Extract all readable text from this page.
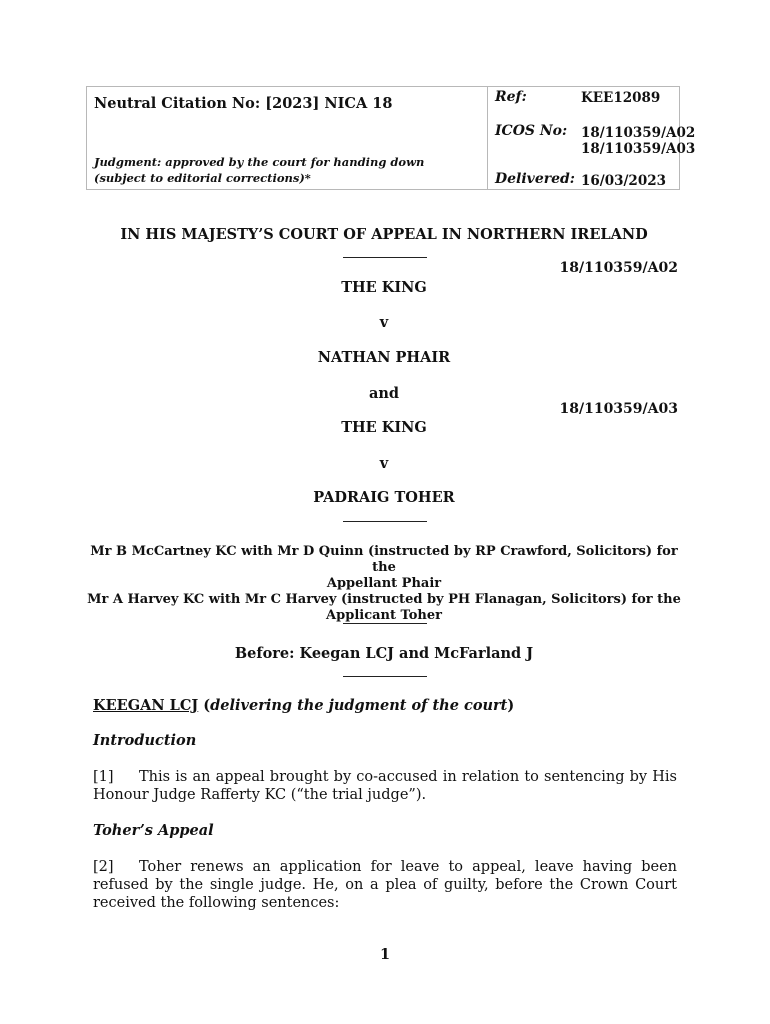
Neutral Citation No: [2023] NICA 18
Judgment: approved by the court for handing down
(subject to editorial corrections)*
Ref:	KEE12089
ICOS No: 18/110359/A02
18/110359/A03
Delivered: 16/03/2023
IN HIS MAJESTY’S COURT OF APPEAL IN NORTHERN IRELAND
18/110359/A02
THE KING
v
NATHAN PHAIR
and
18/110359/A03
THE KING
v
PADRAIG TOHER
Mr B McCartney KC with Mr D Quinn (instructed by RP Crawford, Solicitors) for the
Appellant Phair
Mr A Harvey KC with Mr C Harvey (instructed by PH Flanagan, Solicitors) for the
Applicant Toher
Before: Keegan LCJ and McFarland J
KEEGAN LCJ (delivering the judgment of the court)
Introduction
[1] This is an appeal brought by co-accused in relation to sentencing by His Honour Judge Rafferty KC (“the trial judge”).
Toher’s Appeal
[2] Toher renews an application for leave to appeal, leave having been refused by the single judge. He, on a plea of guilty, before the Crown Court received the following sentences:
1
